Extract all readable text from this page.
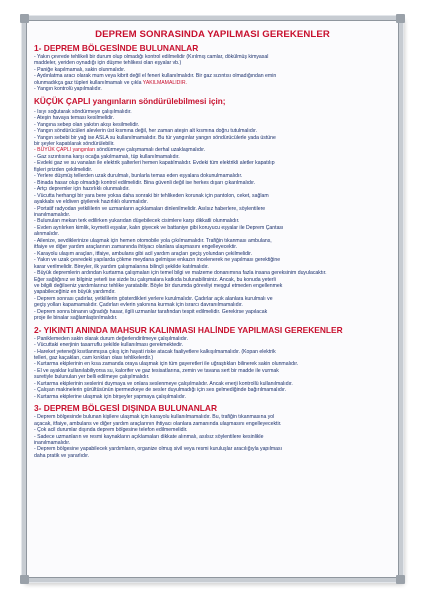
DEPREM SONRASINDA YAPILMASI GEREKENLER
1- DEPREM BÖLGESİNDE BULUNANLAR

- Yakın çevrede tehlikeli bir durum olup olmadığı kontrol edilmelidir (Kırılmış camlar, dökülmüş kimyasal

maddeler, yeriden oynadığı için düşme tehlikesi olan eşyalar vb.)

- Paniğe kapılmamalı, sakin olunmalıdır.

- Aydınlatma aracı olarak mum veya kibrit değil el feneri kullanılmalıdır. Bir gaz sızıntısı olmadığından emin

olunmadıkça gaz tüpleri kullanılmamalı ve çıkla YAKILMAMALIDIR.

- Yangın kontrolü yapılmalıdır.

KÜÇÜK ÇAPLI yangınların söndürülebilmesi için;

- Isıyı soğutarak söndürmeye çalışılmalıdır.

- Ateşin havaya teması kesilmelidir.

- Yangına sebep olan yakıtın akışı kesilmelidir.

- Yangın söndürücüleri alevlerin üst kısmına değil, her zaman ateşin alt kısmına doğru tutulmalıdır.

- Yangın sebebi bir yağ ise ASLA su kullanılmamalıdır. Bu tür yangınlar yangın söndürücülerle yada üstüne

bir şeyler kapatılarak söndürülebilir.

- BÜYÜK ÇAPLI yangınları söndürmeye çalışmamalı derhal uzaklaşmalıdır.

- Gaz sızıntısına karşı ocağa yakılmamalı, tüp kullanılmamalıdır.

- Evdeki gaz ve su vanaları ile elektrik şalterleri hemen kapatılmalıdır. Evdeki tüm elektrikli aletler kapatılıp

fişleri prizden çekilmelidir.

- Yerlere düşmüş tellerden uzak durulmalı, bunlarla temas eden eşyalara dokunulmamalıdır.

- Binada hasar olup olmadığı kontrol edilmelidir. Bina güvenli değil ise herkes dışarı çıkarılmalıdır.

- Artçı depremler için hazırlıklı olunmalıdır.

- Vücutta herhangi bir yara bere yoksa daha sonraki bir tehlikeden korunak için pantolon, ceket, sağlam

ayakkabı ve eldiven giyilerek hazırlıklı olunmalıdır.

- Portatif radyodan yetkililerin ve uzmanların açıklamaları dinlenilmelidir. Asılsız haberlere, söylentilere

inanılmamalıdır.

- Bulunulan mekan terk edilirken yukarıdan düşebilecek cisimlere karşı dikkatli olunmalıdır.

- Evden ayrılırken kimlik, kıymetli eşyalar, kalın giyecek ve battaniye gibi koruyucu eşyalar ile Deprem Çantası

alınmalıdır.

- Ailenize, sevdiklerinize ulaşmak için hemen otomobile yola çıkılmamalıdır. Trafiğin tıkanması ambulans,

itfaiye ve diğer yardım araçlarının zamanında ihtiyacı olanlara ulaşmasını engelleyecektir.

- Karayolu ulaşım araçları, itfaiye, ambulans gibi acil yardım araçları geçiş yolundan çekilmelidir.

- Yakın ve uzak çevredeki yapılarda çökme meydana gelmişse enkazın incelenerek ne yapılması gerektiğine

karar verilmelidir. Bireyler, ilk yardım çalışmalarına bilinçli şekilde katılmalıdır.

- Büyük depremlerin ardından kurtarma çalışmaları için temel bilgi ve malzeme donanımına fazla insana gereksinim duyulacaktır.

Eğer sağlığınız ve bilginiz yeterli ise sizde bu çalışmalara katkıda bulunabilirsiniz. Ancak, bu konuda yeterli

ve bilgili değilseniz yardımlarınız tehlike yaratabilir. Böyle bir durumda görevliyi meşgul etmeden engellenmek

yapabileceğiniz en büyük yardımdır.

- Deprem sonrası çadırlar, yetkililerin gösterdikleri yerlere kurulmalıdır. Çadırlar açık alanlara kurulmalı ve

geçiş yolları kapamamalıdır. Çadırları evlerin yakınına kurmak için israrcı davranılmamalıdır.

- Deprem sonra binanın uğradığı hasar, ilgili uzmanlar tarafından tespit edilmelidir. Gerekirse yapılacak

proje ile binalar sağlamlaştırılmalıdır.

2- YIKINTI ANINDA MAHSUR KALINMASI HALİNDE YAPILMASI GEREKENLER

- Paniklemeden sakin olarak durum değerlendirilmeye çalışılmalıdır.

- Vücuttaki enerjinin tasarruflu şekilde kullanılması gerekmektedir.

- Hareket yeteneği kısıtlanmışsa çıkış için hayati riske atacak faaliyetlere kalkışılmamalıdır. (Kopan elektrik

telleri, gaz kaçakları, cam kırıkları olası tehlikelerdir.)

- Kurtarma ekiplerinin en kısa zamanda oraya ulaşmak için tüm gayeretleri ile uğraştıkları bilinerek sakin olunmalıdır.

- El ve ayaklar kullanılabiliyorsa su, kalorifer ve gaz tesisatlarına, zemin ve tavana sert bir madde ile vurmak

suretiyle bulunulan yer belli edilmeye çalışılmalıdır.

- Kurtarma ekiplerinin seslerini duymaya ve onlara seslenmeye çalışılmalıdır. Ancak enerji kontrollü kullanılmalıdır.

- Çalışan makinelerin gürültüsünün ipermezkeye de sesler duyulmadığı için ses gelmediğinde bağırılmamalıdır.

- Kurtarma ekiplerine ulaşmak için birşeyler yapmaya çalışılmalıdır.

3- DEPREM BÖLGESİ DIŞINDA BULUNANLAR

- Deprem bölgesinde bulunan kişilere ulaşmak için karayolu kullanılmamalıdır. Bu, trafiğin tıkanmasına yol

açacak, itfaiye, ambulans ve diğer yardım araçlarının ihtiyacı olanlara zamanında ulaşmasını engelleyecektir.

- Çok acil durumlar dışında deprem bölgesine telefon edilmemelidir.

- Sadece uzmanların ve resmi kaynakların açıklamaları dikkate alınmalı, asılsız söylentilere kesinlikle

inanılmamalıdır.

- Deprem bölgesine yapabilecek yardımların, organize olmuş sivil veya resmi kuruluşlar aracılığıyla yapılması

daha pratik ve yararlıdır.
